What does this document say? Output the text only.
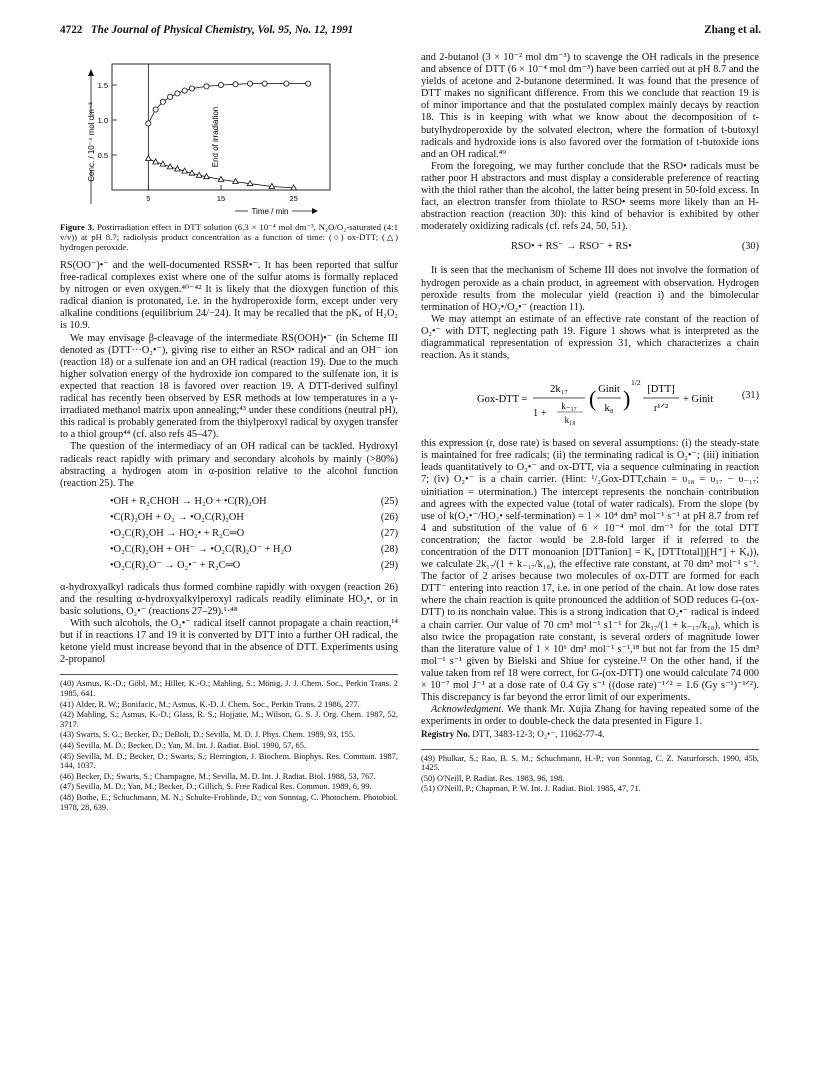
4722 The Journal of Physical Chemistry, Vol. 95, No. 12, 1991	Zhang et al.
0.5
1.0
1.5
5	15	25
Conc. / 10⁻⁴ mol dm⁻³	End of irradiation
Time / min
Figure 3. Postirradiation effect in DTT solution (6.3 × 10⁻⁴ mol dm⁻³, N₂O/O₂-saturated (4:1 v/v)) at pH 8.7; radiolysis product concentration as a function of time: (○) ox-DTT; (△) hydrogen peroxide.

RS(OO⁻)•⁻ and the well-documented RSSR•⁻. It has been reported that sulfur free-radical complexes exist where one of the sulfur atoms is formally replaced by nitrogen or even oxygen.⁴⁰⁻⁴² It is likely that the dioxygen function of this radical dianion is protonated, i.e. in the hydroperoxide form, except under very alkaline conditions (equilibrium 24/−24). It may be recalled that the pKₐ of H₂O₂ is 10.9.

We may envisage β-cleavage of the intermediate RS(OOH)•⁻ (in Scheme III denoted as (DTT···O₂•⁻), giving rise to either an RSO• radical and an OH⁻ ion (reaction 18) or a sulfenate ion and an OH radical (reaction 19). Due to the much higher solvation energy of the hydroxide ion compared to the sulfenate ion, it is expected that reaction 18 is favored over reaction 19. A DTT-derived sulfinyl radical has recently been observed by ESR methods at low temperatures in a γ-irradiated methanol matrix upon annealing;⁴³ under these conditions (neutral pH), this radical is probably generated from the thiylperoxyl radical by oxygen transfer to a thiol group⁴⁴ (cf. also refs 45–47).

The question of the intermediacy of an OH radical can be tackled. Hydroxyl radicals react rapidly with primary and secondary alcohols by mainly (>80%) abstracting a hydrogen atom in α-position relative to the alcohol function (reaction 25). The

•OH + R₂CHOH → H₂O + •C(R)₂OH	(25)
•C(R)₂OH + O₂ → •O₂C(R)₂OH	(26)
•O₂C(R)₂OH → HO₂• + R₂C═O	(27)
•O₂C(R)₂OH + OH⁻ → •O₂C(R)₂O⁻ + H₂O	(28)
•O₂C(R)₂O⁻ → O₂•⁻ + R₂C═O	(29)

α-hydroxyalkyl radicals thus formed combine rapidly with oxygen (reaction 26) and the resulting α-hydroxyalkylperoxyl radicals readily eliminate HO₂•, or in basic solutions, O₂•⁻ (reactions 27–29).¹·⁴⁸

With such alcohols, the O₂•⁻ radical itself cannot propagate a chain reaction,¹⁴ but if in reactions 17 and 19 it is converted by DTT into a further OH radical, the ketone yield must increase beyond that in the absence of DTT. Experiments using 2-propanol

(40) Asmus, K.-D.; Göbl, M.; Hiller, K.-O.; Mahling, S.; Mönig, J. J. Chem. Soc., Perkin Trans. 2 1985, 641.
(41) Alder, R. W.; Bonifacic, M.; Asmus, K.-D. J. Chem. Soc., Perkin Trans. 2 1986, 277.
(42) Mahling, S.; Asmus, K.-D.; Glass, R. S.; Hojjatie, M.; Wilson, G. S. J. Org. Chem. 1987, 52, 3717.
(43) Swarts, S. G.; Becker, D.; DeBolt, D.; Sevilla, M. D. J. Phys. Chem. 1989, 93, 155.
(44) Sevilla, M. D.; Becker, D.; Yan, M. Int. J. Radiat. Biol. 1990, 57, 65.
(45) Sevilla, M. D.; Becker, D.; Swarts, S.; Herrington, J. Biochem. Biophys. Res. Commun. 1987, 144, 1037.
(46) Becker, D.; Swarts, S.; Champagne, M.; Sevilla, M. D. Int. J. Radiat. Biol. 1988, 53, 767.
(47) Sevilla, M. D.; Yan, M.; Becker, D.; Gillich, S. Free Radical Res. Commun. 1989, 6, 99.
(48) Bothe, E.; Schuchmann, M. N.; Schulte-Frohlinde, D.; von Sonntag, C. Photochem. Photobiol. 1978, 28, 639.

and 2-butanol (3 × 10⁻² mol dm⁻³) to scavenge the OH radicals in the presence and absence of DTT (6 × 10⁻⁴ mol dm⁻³) have been carried out at pH 8.7 and the yields of acetone and 2-butanone determined. It was found that the presence of DTT makes no significant difference. From this we conclude that reaction 19 is of minor importance and that the postulated complex mainly decays by reaction 18. This is in keeping with what we know about the decomposition of t-butylhydroperoxide by the solvated electron, where the formation of t-butoxyl radicals and hydroxide ions is also favored over the formation of t-butoxide ions and an OH radical.⁴⁹

From the foregoing, we may further conclude that the RSO• radicals must be rather poor H abstractors and must display a considerable preference of reacting with the thiol rather than the alcohol, the latter being present in 50-fold excess. In fact, an electron transfer from thiolate to RSO• seems more likely than an H-abstraction reaction (reaction 30): this kind of behavior is exhibited by other moderately oxidizing radicals (cf. refs 24, 50, 51).

RSO• + RS⁻ → RSO⁻ + RS•	(30)

It is seen that the mechanism of Scheme III does not involve the formation of hydrogen peroxide as a chain product, in agreement with observation. Hydrogen peroxide results from the molecular yield (reaction i) and the bimolecular termination of HO₂•/O₂•⁻ (reaction 11).

We may attempt an estimate of an effective rate constant of the reaction of O₂•⁻ with DTT, neglecting path 19. Figure 1 shows what is interpreted as the diagrammatical representation of expression 31, which characterizes a chain reaction. As it stands,

Gox-DTT =
2k₁₇
1 +
k₋₁₇
k₁₈
( Ginit
k₈ )
1/2
[DTT]
r¹ᐟ²
+ Ginit	(31)

this expression (r, dose rate) is based on several assumptions: (i) the steady-state is maintained for free radicals; (ii) the terminating radical is O₂•⁻; (iii) initiation leads quantitatively to O₂•⁻ and ox-DTT, via a sequence culminating in reaction 7; (iv) O₂•⁻ is a chain carrier. (Hint: ¹/₂Gox-DTT,chain = υ₁₈ = υ₁₇ − υ₋₁₇; υinitiation = υtermination.) The intercept represents the nonchain contribution and agrees with the expected value (total of water radicals). From the slope (by use of k(O₂•⁻/HO₂• self-termination) = 1 × 10⁴ dm³ mol⁻¹ s⁻¹ at pH 8.7 from ref 4 and substitution of the value of 6 × 10⁻⁴ mol dm⁻³ for the total DTT concentration; the factor would be 2.8-fold larger if it referred to the concentration of the DTT monoanion [DTTanion] = Kₐ [DTTtotal])[H⁺] + Kₐ)), we calculate 2k₁₇/(1 + k₋₁₇/k₁₈), the effective rate constant, at 70 dm³ mol⁻¹ s⁻¹. The factor of 2 arises because two molecules of ox-DTT are formed for each DTT⁻ entering into reaction 17, i.e. in one period of the chain. At low dose rates where the chain reaction is quite pronounced the addition of SOD reduces G-(ox-DTT) to its nonchain value. This is a strong indication that O₂•⁻ radical is indeed a chain carrier. Our value of 70 cm³ mol⁻¹ s1⁻¹ for 2k₁₇/(1 + k₋₁₇/k₁₈), which is also twice the propagation rate constant, is several orders of magnitude lower than the literature value of 1 × 10⁶ dm³ mol⁻¹ s⁻¹,¹⁸ but not far from the 15 dm³ mol⁻¹ s⁻¹ given by Bielski and Shiue for cysteine.¹² On the other hand, if the value taken from ref 18 were correct, for G-(ox-DTT) one would calculate 74 000 × 10⁻⁷ mol J⁻¹ at a dose rate of 0.4 Gy s⁻¹ ((dose rate)⁻¹ᐟ² = 1.6 (Gy s⁻¹)⁻¹ᐟ²). This discrepancy is far beyond the error limit of our experiments.

Acknowledgment. We thank Mr. Xujia Zhang for having repeated some of the experiments in order to double-check the data presented in Figure 1.

Registry No. DTT, 3483-12-3; O₂•⁻, 11062-77-4.

(49) Phulkar, S.; Rao, B. S. M.; Schuchmann, H.-P.; von Sonntag, C. Z. Naturforsch. 1990, 45b, 1425.
(50) O'Neill, P. Radiat. Res. 1983, 96, 198.
(51) O'Neill, P.; Chapman, P. W. Int. J. Radiat. Biol. 1985, 47, 71.
